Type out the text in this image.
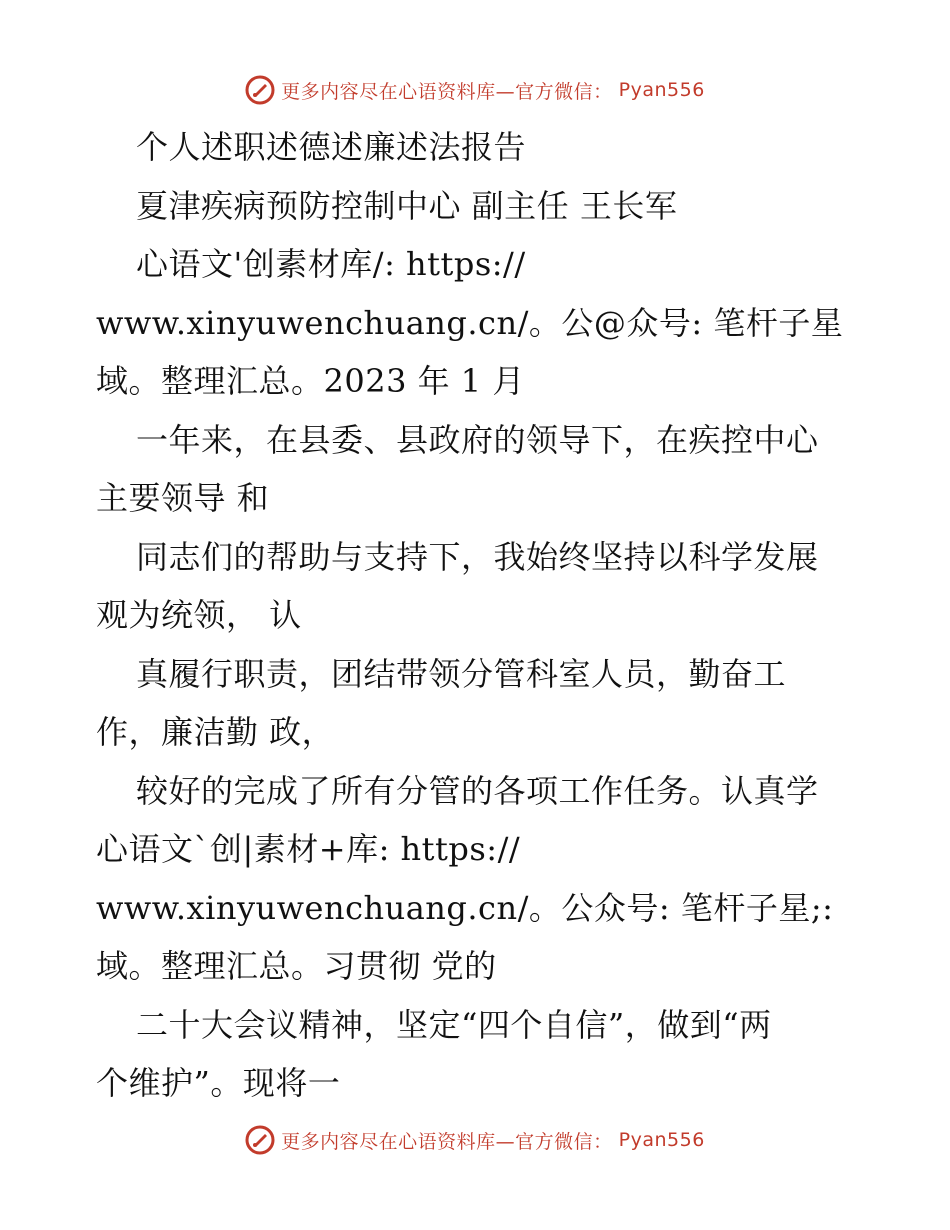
更多内容尽在心语资料库—官方微信： Pyan556
个人述职述德述廉述法报告
夏津疾病预防控制中心 副主任 王长军
心语文'创素材库/: https://
www.xinyuwenchuang.cn/。公@众号: 笔杆子星
域。整理汇总。2023 年 1 月
一年来，在县委、县政府的领导下，在疾控中心
主要领导 和
同志们的帮助与支持下，我始终坚持以科学发展
观为统领， 认
真履行职责，团结带领分管科室人员，勤奋工
作，廉洁勤 政，
较好的完成了所有分管的各项工作任务。认真学
心语文`创|素材+库: https://
www.xinyuwenchuang.cn/。公众号: 笔杆子星;:
域。整理汇总。习贯彻 党的
二十大会议精神，坚定“四个自信”，做到“两
个维护”。现将一
更多内容尽在心语资料库—官方微信： Pyan556
